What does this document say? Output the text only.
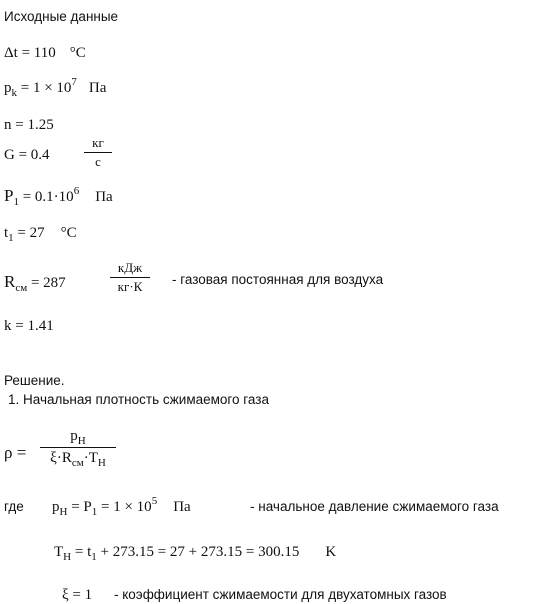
Исходные данные
Δt = 110 °C
$p_k = 1 \times 10^7$ Па
n = 1.25
G = 0.4
кг
с
$P_1 = 0.1\cdot 10^6$ Па
$t_1 = 27$ °C
$R_{см} = 287$
кДж
кг·К	- газовая постоянная для воздуха
k = 1.41
Решение.
1. Начальная плотность сжимаемого газа
ρ =
$p_Н$
$\xi\cdot R_{см}\cdot T_Н$
где $p_Н = P_1 = 1 \times 10^5$ Па	- начальное давление сжимаемого газа
$T_Н = t_1 + 273.15 = 27 + 273.15 = 300.15$ K
ξ = 1 - коэффициент сжимаемости для двухатомных газов
